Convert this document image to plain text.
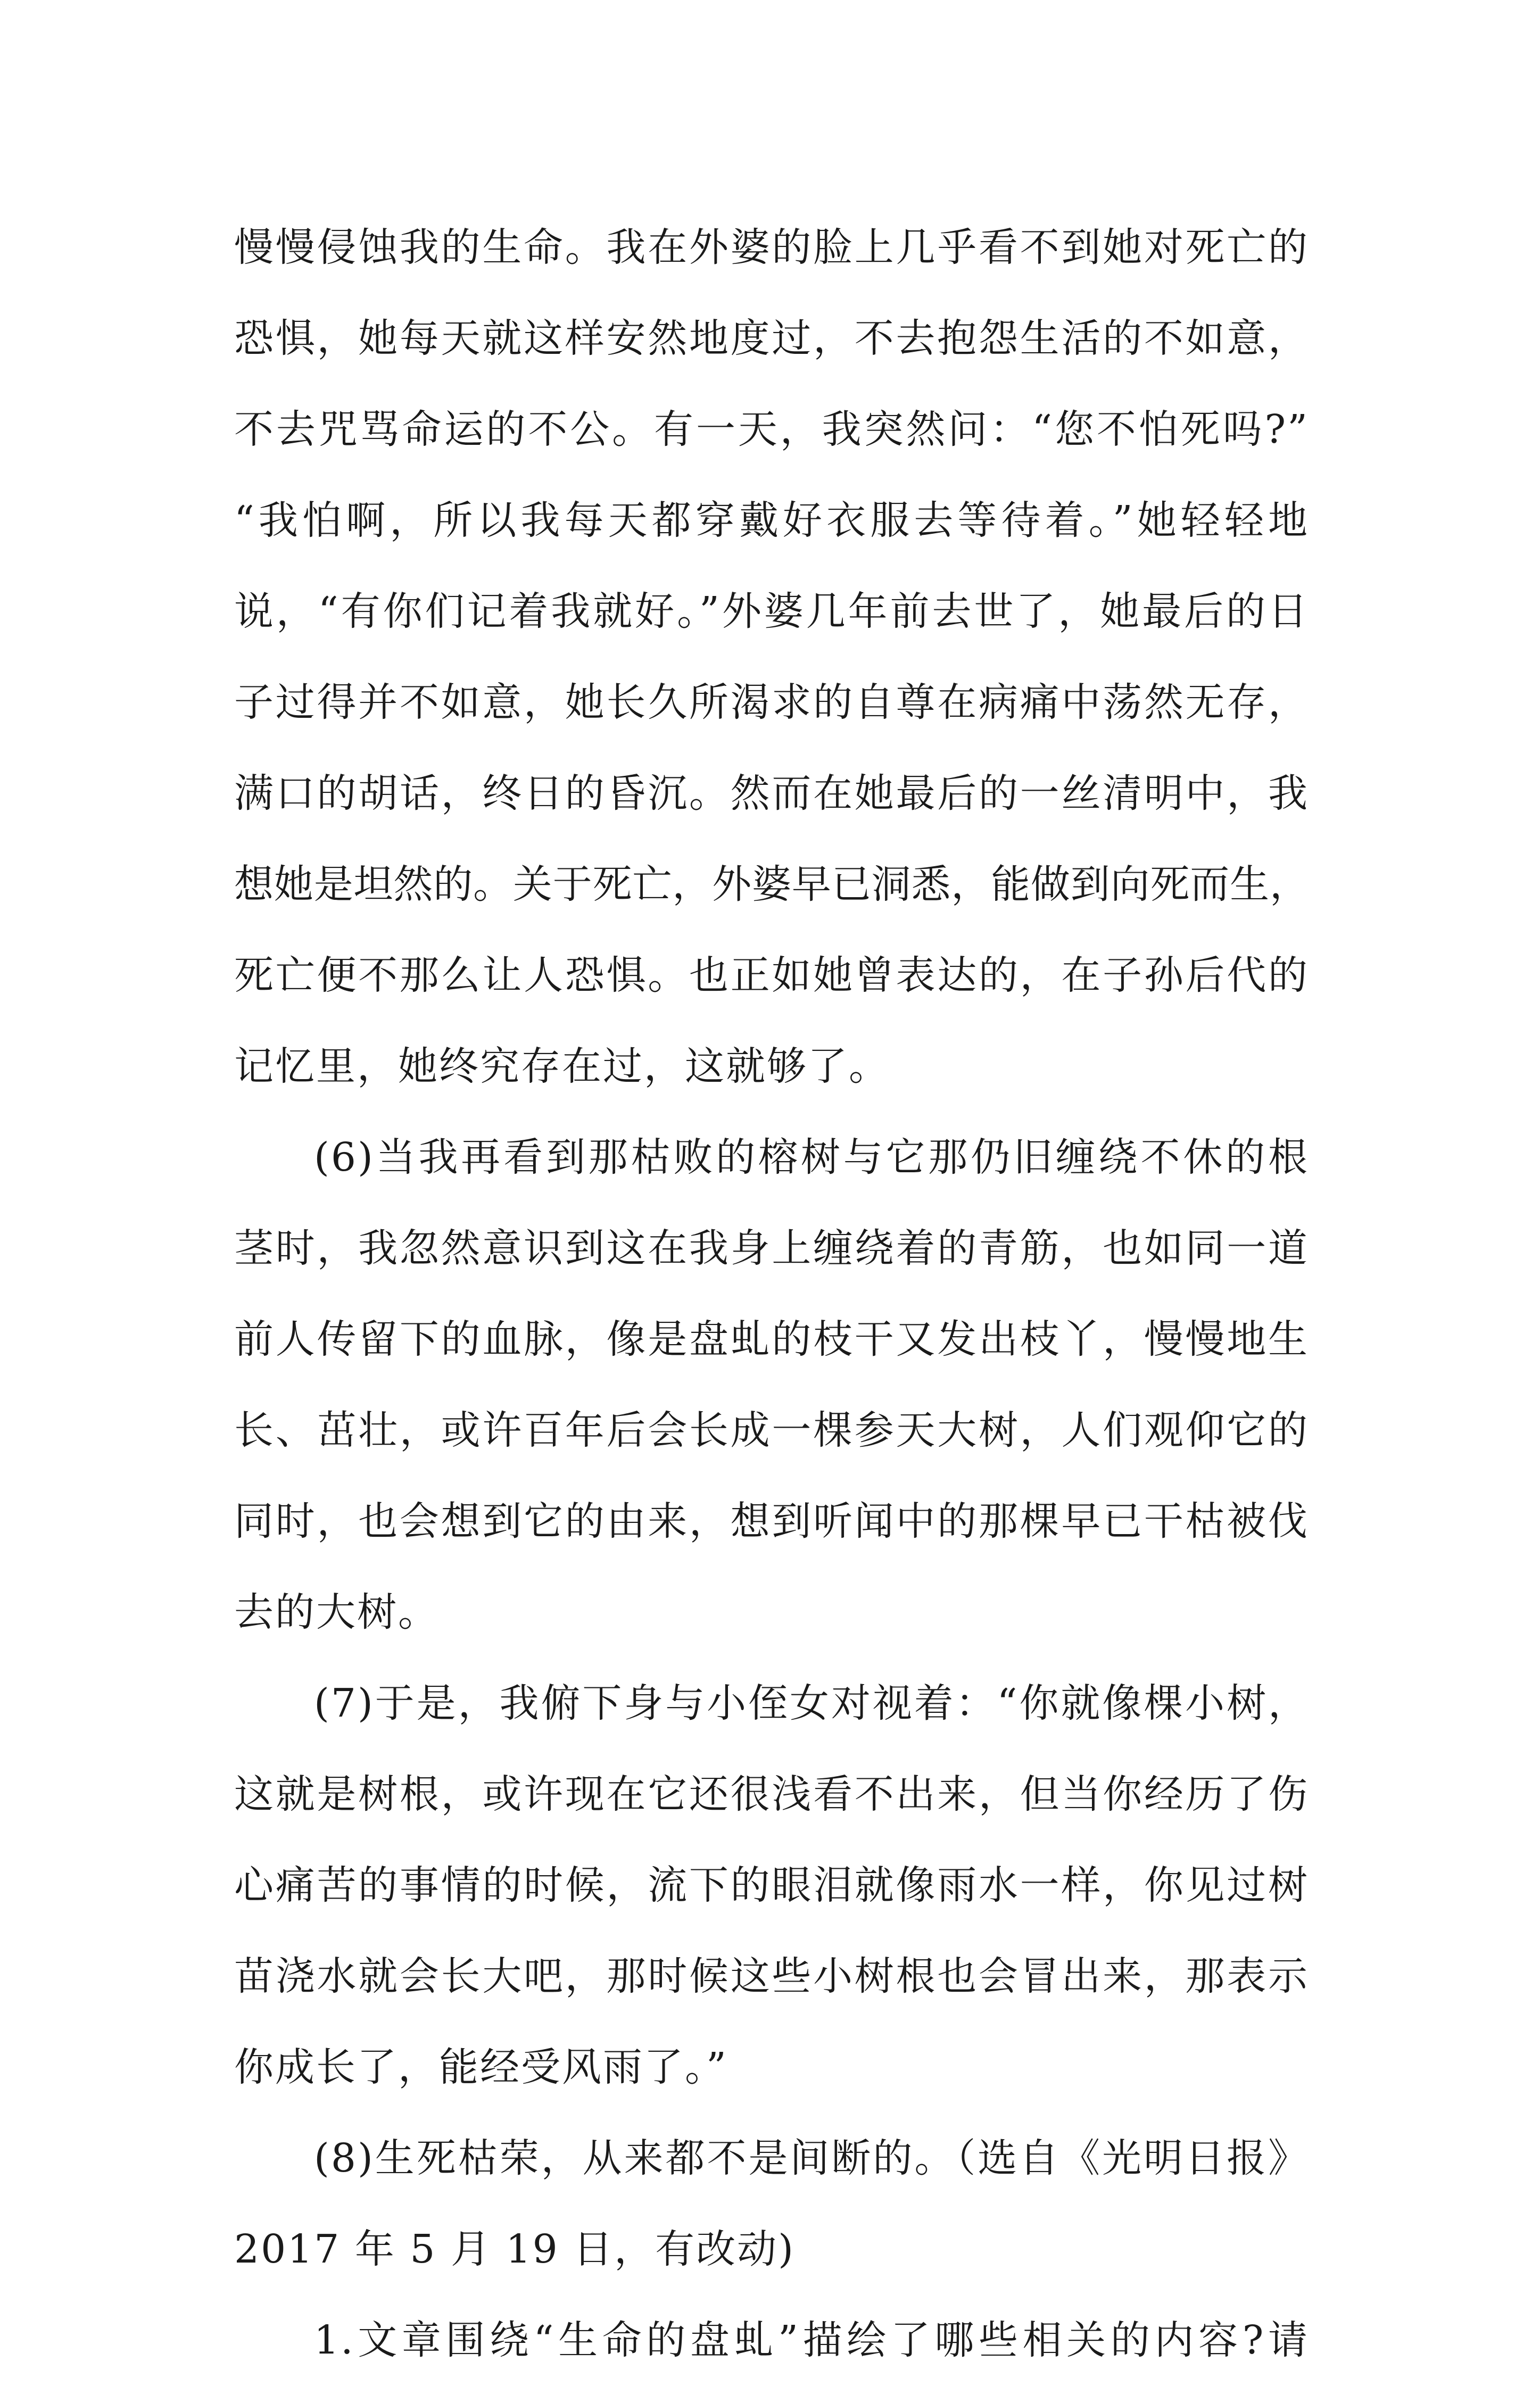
慢慢侵蚀我的生命。我在外婆的脸上几乎看不到她对死亡的
恐惧，她每天就这样安然地度过，不去抱怨生活的不如意，
不去咒骂命运的不公。有一天，我突然问：“您不怕死吗?”
“我怕啊，所以我每天都穿戴好衣服去等待着。”她轻轻地
说，“有你们记着我就好。”外婆几年前去世了，她最后的日
子过得并不如意，她长久所渴求的自尊在病痛中荡然无存，
满口的胡话，终日的昏沉。然而在她最后的一丝清明中，我
想她是坦然的。关于死亡，外婆早已洞悉，能做到向死而生，
死亡便不那么让人恐惧。也正如她曾表达的，在子孙后代的
记忆里，她终究存在过，这就够了。
(6)当我再看到那枯败的榕树与它那仍旧缠绕不休的根
茎时，我忽然意识到这在我身上缠绕着的青筋，也如同一道
前人传留下的血脉，像是盘虬的枝干又发出枝丫，慢慢地生
长、茁壮，或许百年后会长成一棵参天大树，人们观仰它的
同时，也会想到它的由来，想到听闻中的那棵早已干枯被伐
去的大树。
(7)于是，我俯下身与小侄女对视着：“你就像棵小树，
这就是树根，或许现在它还很浅看不出来，但当你经历了伤
心痛苦的事情的时候，流下的眼泪就像雨水一样，你见过树
苗浇水就会长大吧，那时候这些小树根也会冒出来，那表示
你成长了，能经受风雨了。”
(8)生死枯荣，从来都不是间断的。（选自《光明日报》
2017 年 5 月 19 日，有改动)
1.文章围绕“生命的盘虬”描绘了哪些相关的内容?请
